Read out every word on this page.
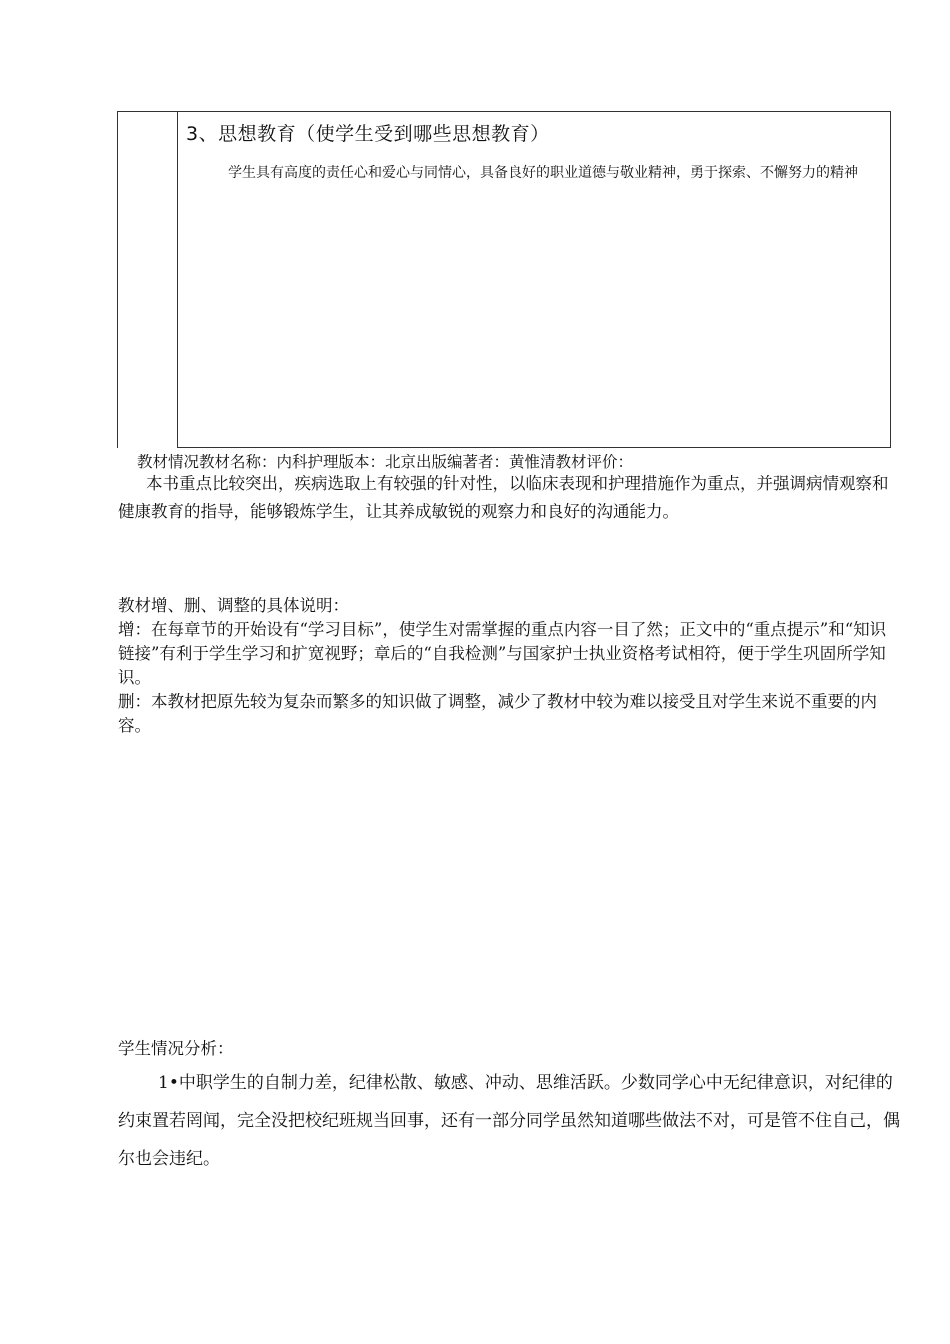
3、思想教育（使学生受到哪些思想教育）

学生具有高度的责任心和爱心与同情心，具备良好的职业道德与敬业精神，勇于探索、不懈努力的精神

教材情况教材名称：内科护理版本：北京出版编著者：黄惟清教材评价：

本书重点比较突出，疾病选取上有较强的针对性，以临床表现和护理措施作为重点，并强调病情观察和健康教育的指导，能够锻炼学生，让其养成敏锐的观察力和良好的沟通能力。

教材增、删、调整的具体说明：

增：在每章节的开始设有“学习目标”，使学生对需掌握的重点内容一目了然；正文中的“重点提示”和“知识链接”有利于学生学习和扩宽视野；章后的“自我检测”与国家护士执业资格考试相符，便于学生巩固所学知识。

删：本教材把原先较为复杂而繁多的知识做了调整，减少了教材中较为难以接受且对学生来说不重要的内容。

学生情况分析：

1•中职学生的自制力差，纪律松散、敏感、冲动、思维活跃。少数同学心中无纪律意识，对纪律的约束置若罔闻，完全没把校纪班规当回事，还有一部分同学虽然知道哪些做法不对，可是管不住自己，偶尔也会违纪。
